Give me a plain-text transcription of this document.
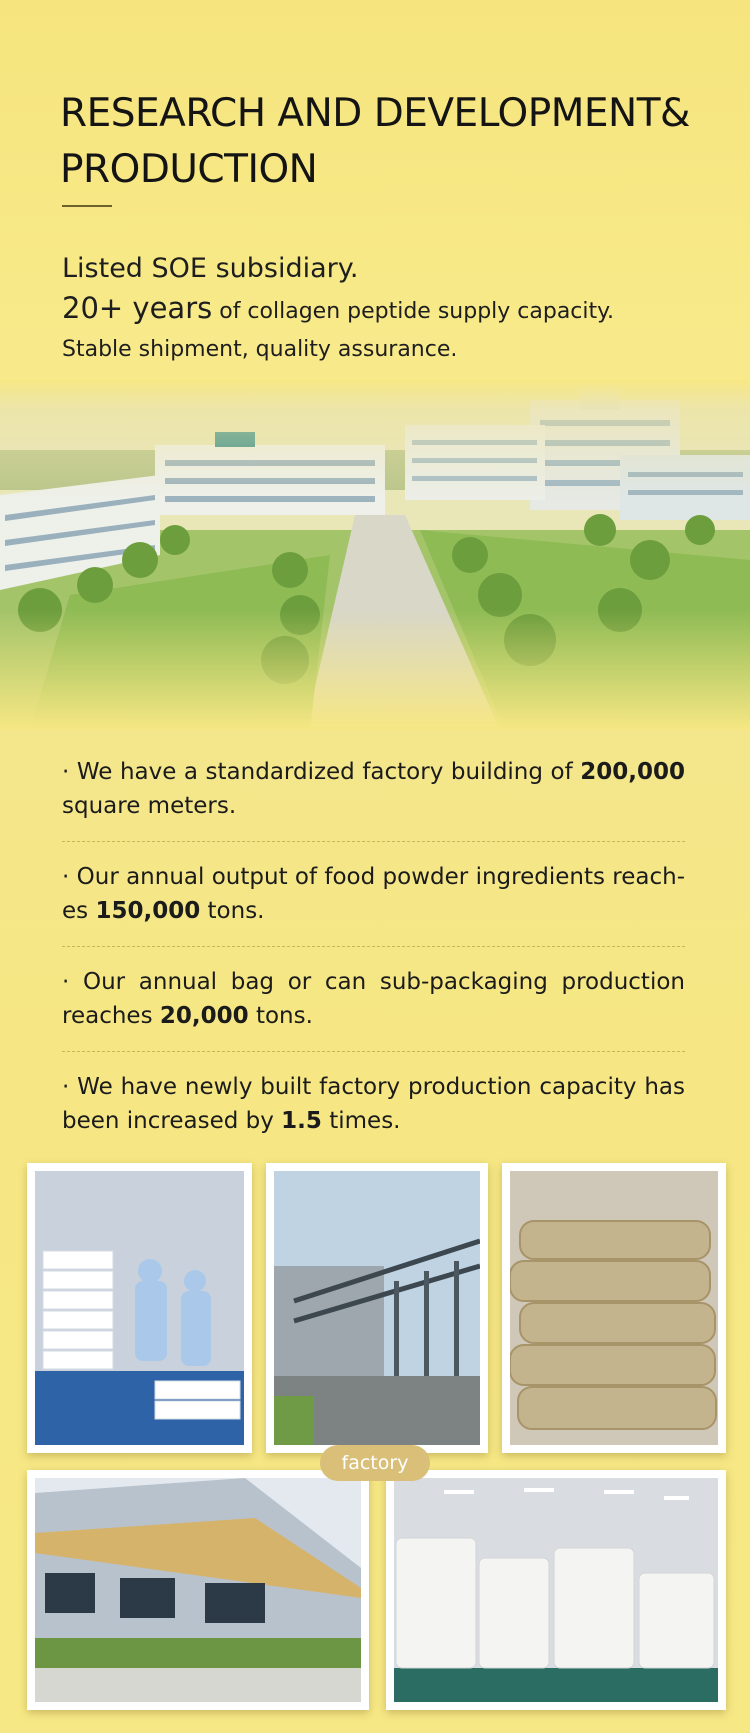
RESEARCH AND DEVELOPMENT&
PRODUCTION
Listed SOE subsidiary.
20+ years of collagen peptide supply capacity.
Stable shipment, quality assurance.

· We have a standardized factory building of 200,000 square meters.

· Our annual output of food powder ingredients reach-es 150,000 tons.

· Our annual bag or can sub-packaging production reaches 20,000 tons.

· We have newly built factory production capacity has been increased by 1.5 times.

factory
